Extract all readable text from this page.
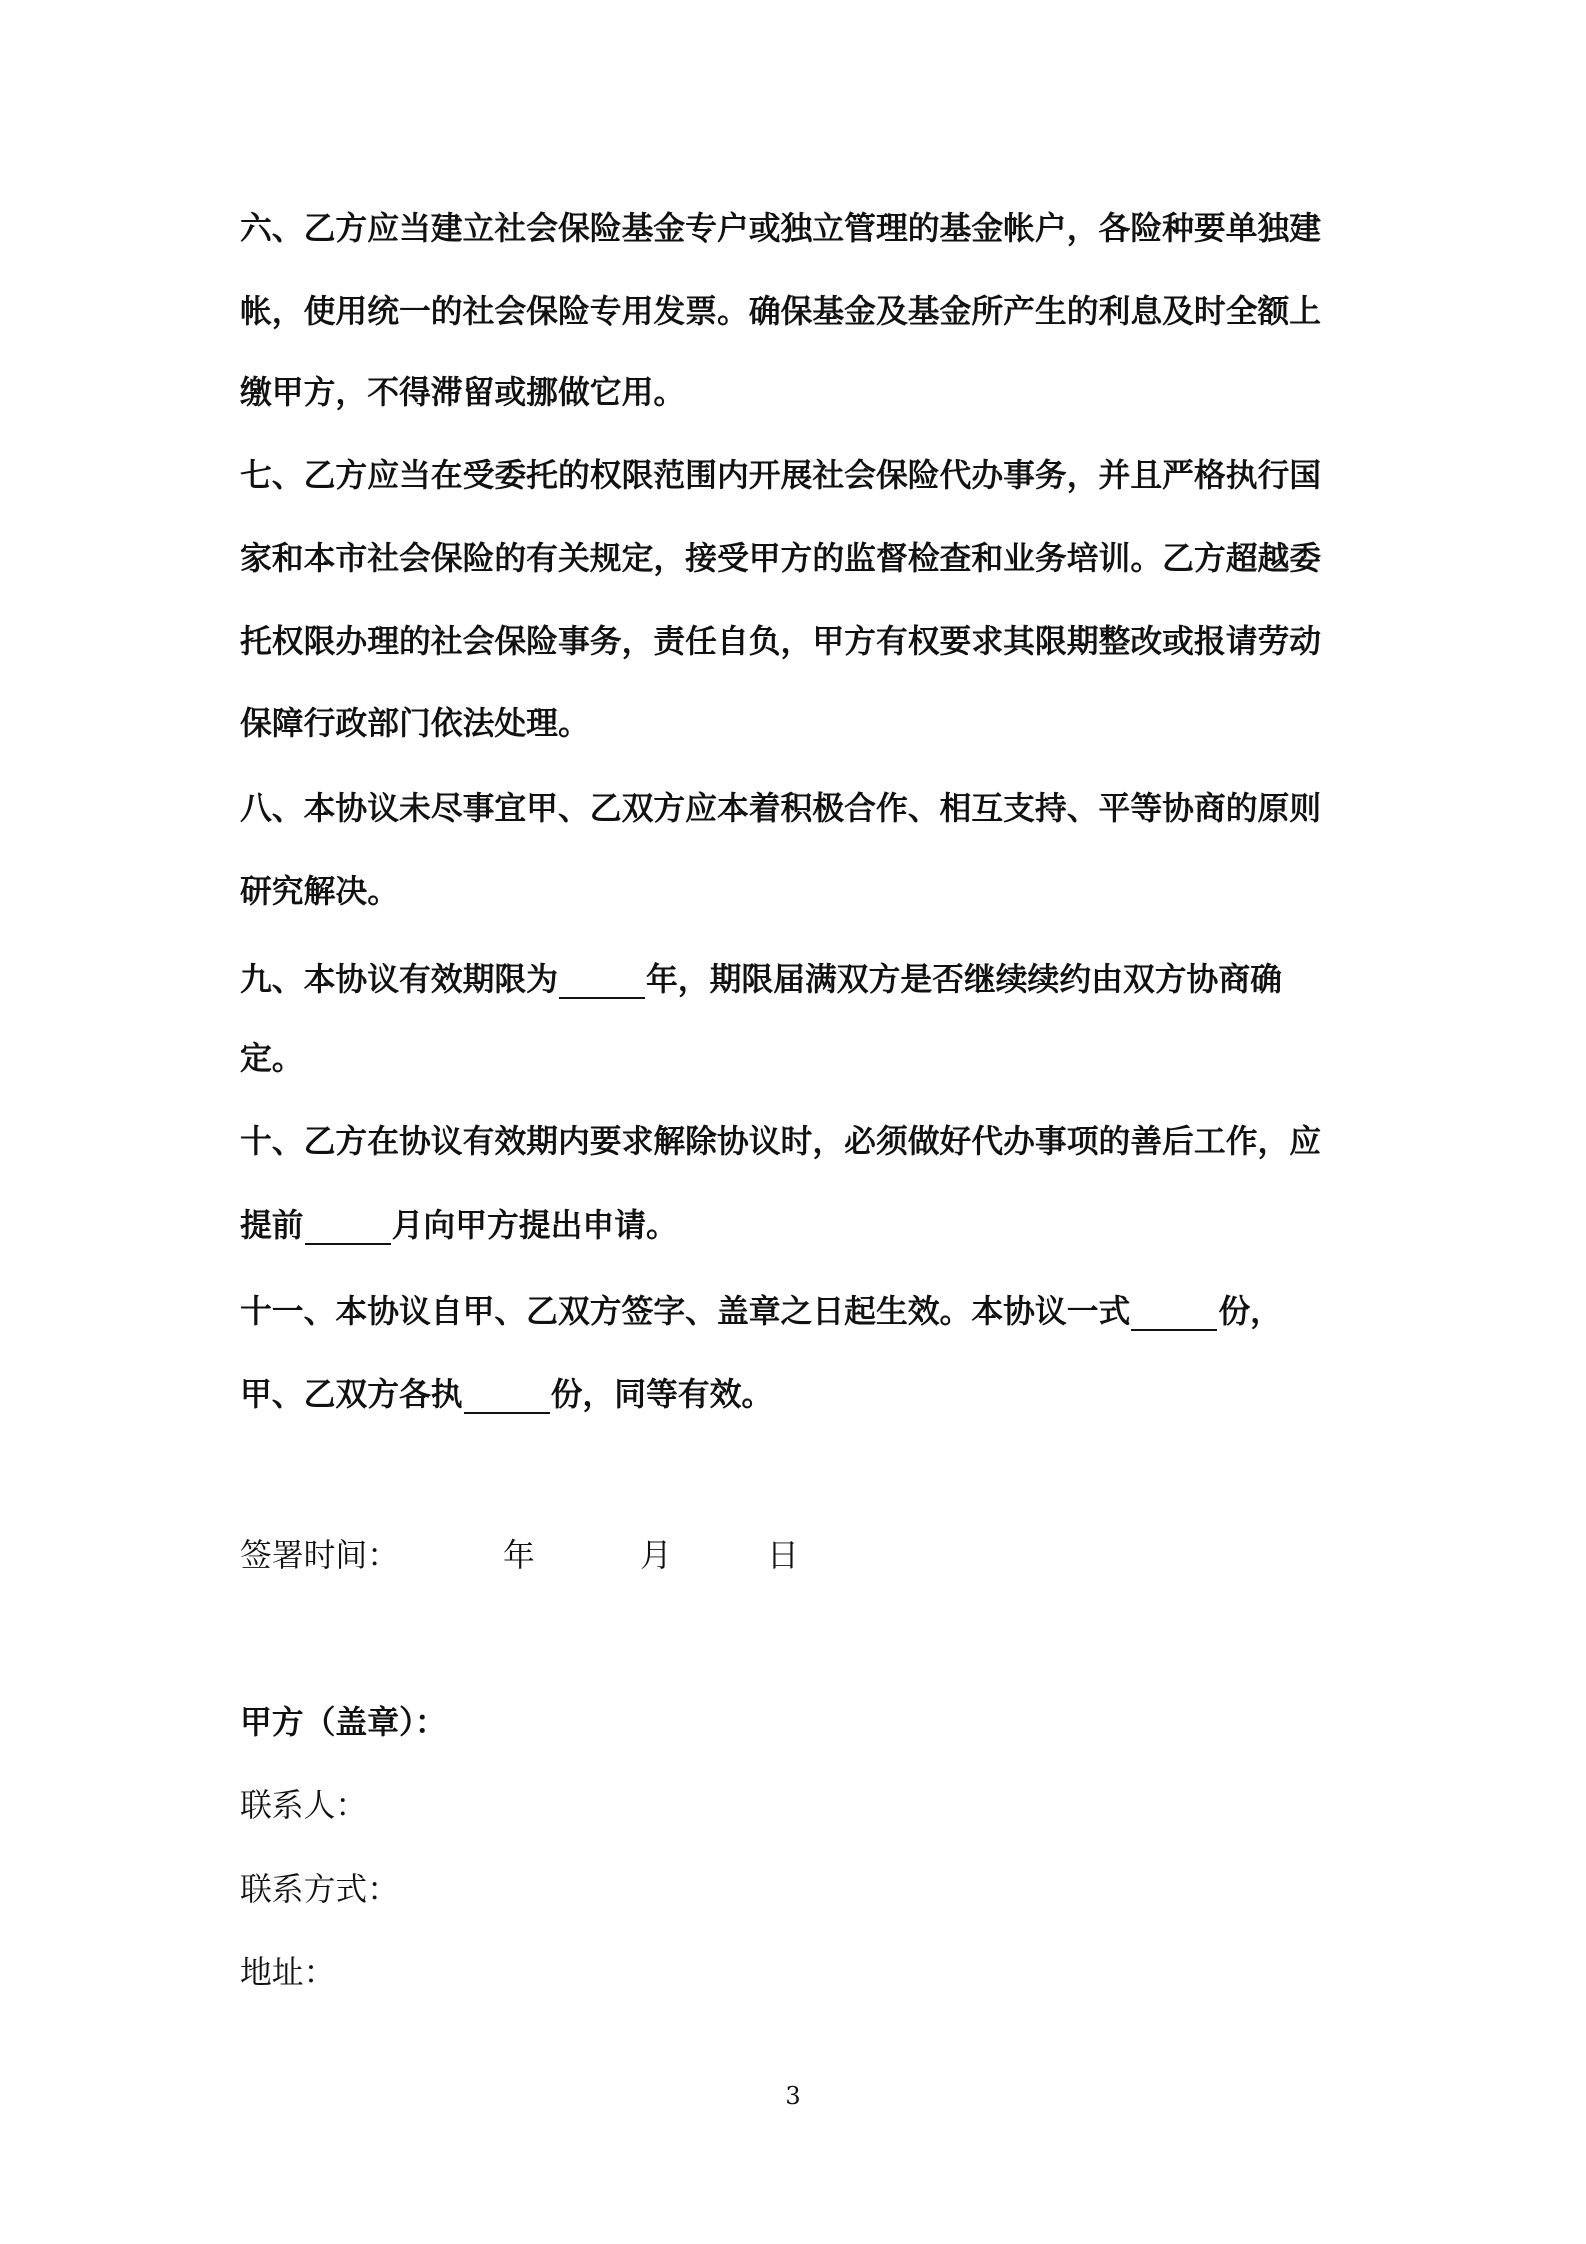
六、乙方应当建立社会保险基金专户或独立管理的基金帐户，各险种要单独建
帐，使用统一的社会保险专用发票。确保基金及基金所产生的利息及时全额上
缴甲方，不得滞留或挪做它用。
七、乙方应当在受委托的权限范围内开展社会保险代办事务，并且严格执行国
家和本市社会保险的有关规定，接受甲方的监督检查和业务培训。乙方超越委
托权限办理的社会保险事务，责任自负，甲方有权要求其限期整改或报请劳动
保障行政部门依法处理。
八、本协议未尽事宜甲、乙双方应本着积极合作、相互支持、平等协商的原则
研究解决。
九、本协议有效期限为	年，期限届满双方是否继续续约由双方协商确
定。
十、乙方在协议有效期内要求解除协议时，必须做好代办事项的善后工作，应
提前	月向甲方提出申请。
十一、本协议自甲、乙双方签字、盖章之日起生效。本协议一式	份，
甲、乙双方各执	份，同等有效。
签署时间：	年	月	日
甲方（盖章）：
联系人：
联系方式：
地址：
3
